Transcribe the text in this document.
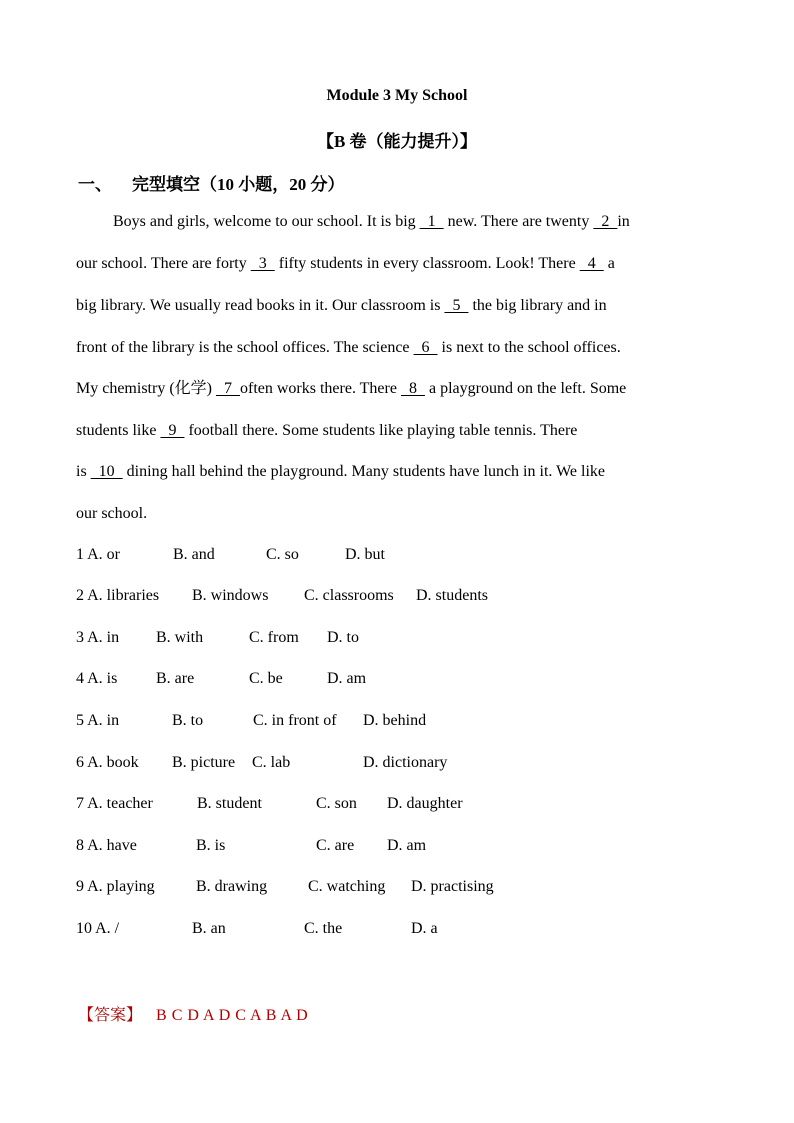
Module 3 My School
【B 卷（能力提升）】
一、 完型填空（10 小题，20 分）
Boys and girls, welcome to our school. It is big   1   new. There are twenty   2  in
our school. There are forty   3   fifty students in every classroom. Look! There   4   a
big library. We usually read books in it. Our classroom is   5   the big library and in
front of the library is the school offices. The science   6   is next to the school offices.
My chemistry (化学)   7  often works there. There   8   a playground on the left. Some
students like   9   football there. Some students like playing table tennis. There
is   10   dining hall behind the playground. Many students have lunch in it. We like
our school.
1 A. or	B. and	C. so	D. but
2 A. libraries B. windows C. classrooms D. students
3 A. in B. with	C. from D. to
4 A. is B. are	C. be	D. am
5 A. in	B. to	C. in front of D. behind
6 A. book B. picture C. lab	D. dictionary
7 A. teacher	B. student	C. son D. daughter
8 A. have	B. is	C. are D. am
9 A. playing	B. drawing	C. watching D. practising
10 A. /	B. an	C. the	D. a
【答案】 B C D A D C A B A D
